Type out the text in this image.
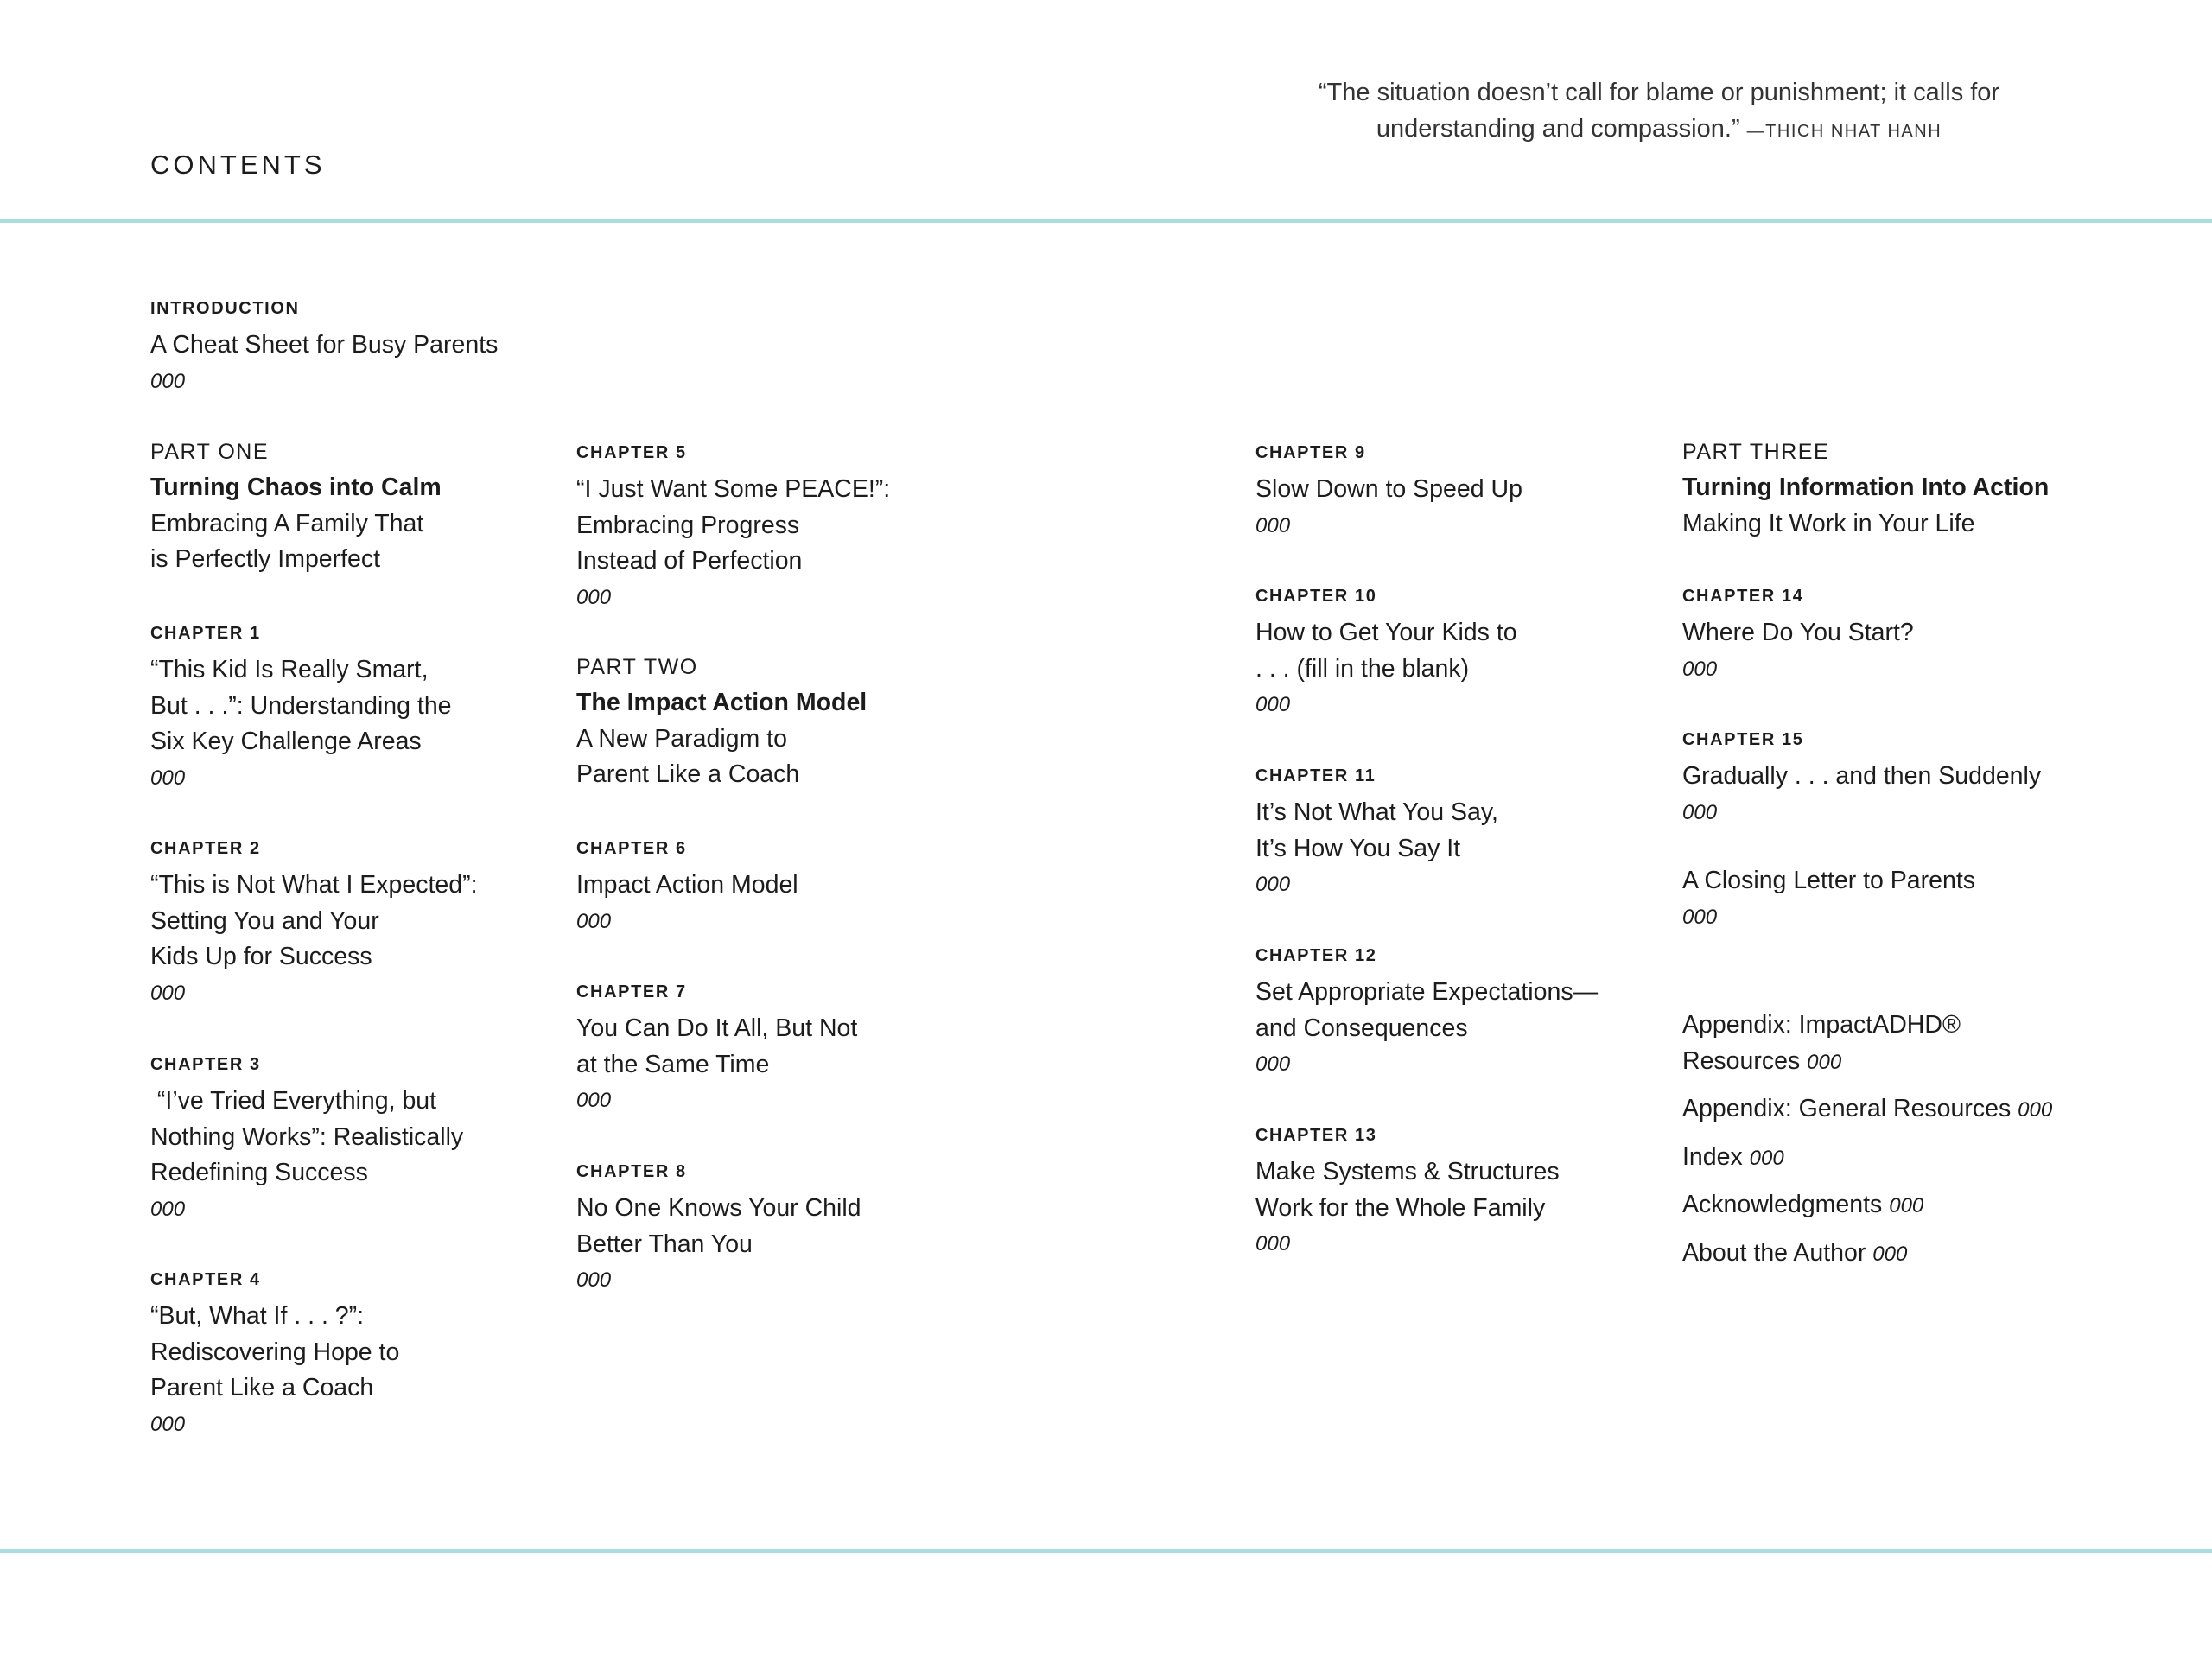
CONTENTS
“The situation doesn’t call for blame or punishment; it calls for
understanding and compassion.” —THICH NHAT HANH
INTRODUCTION
A Cheat Sheet for Busy Parents
000
PART ONE
Turning Chaos into Calm
Embracing A Family That
is Perfectly Imperfect
CHAPTER 1
“This Kid Is Really Smart,
But . . .”: Understanding the
Six Key Challenge Areas
000
CHAPTER 2
“This is Not What I Expected”:
Setting You and Your
Kids Up for Success
000
CHAPTER 3
“I’ve Tried Everything, but
Nothing Works”: Realistically
Redefining Success
000
CHAPTER 4
“But, What If . . . ?”:
Rediscovering Hope to
Parent Like a Coach
000
CHAPTER 5
“I Just Want Some PEACE!”:
Embracing Progress
Instead of Perfection
000
PART TWO
The Impact Action Model
A New Paradigm to
Parent Like a Coach
CHAPTER 6
Impact Action Model
000
CHAPTER 7
You Can Do It All, But Not
at the Same Time
000
CHAPTER 8
No One Knows Your Child
Better Than You
000
CHAPTER 9
Slow Down to Speed Up
000
CHAPTER 10
How to Get Your Kids to
. . . (fill in the blank)
000
CHAPTER 11
It’s Not What You Say,
It’s How You Say It
000
CHAPTER 12
Set Appropriate Expectations—
and Consequences
000
CHAPTER 13
Make Systems & Structures
Work for the Whole Family
000
PART THREE
Turning Information Into Action
Making It Work in Your Life
CHAPTER 14
Where Do You Start?
000
CHAPTER 15
Gradually . . . and then Suddenly
000
A Closing Letter to Parents
000
Appendix: ImpactADHD®
Resources 000
Appendix: General Resources 000
Index 000
Acknowledgments 000
About the Author 000
